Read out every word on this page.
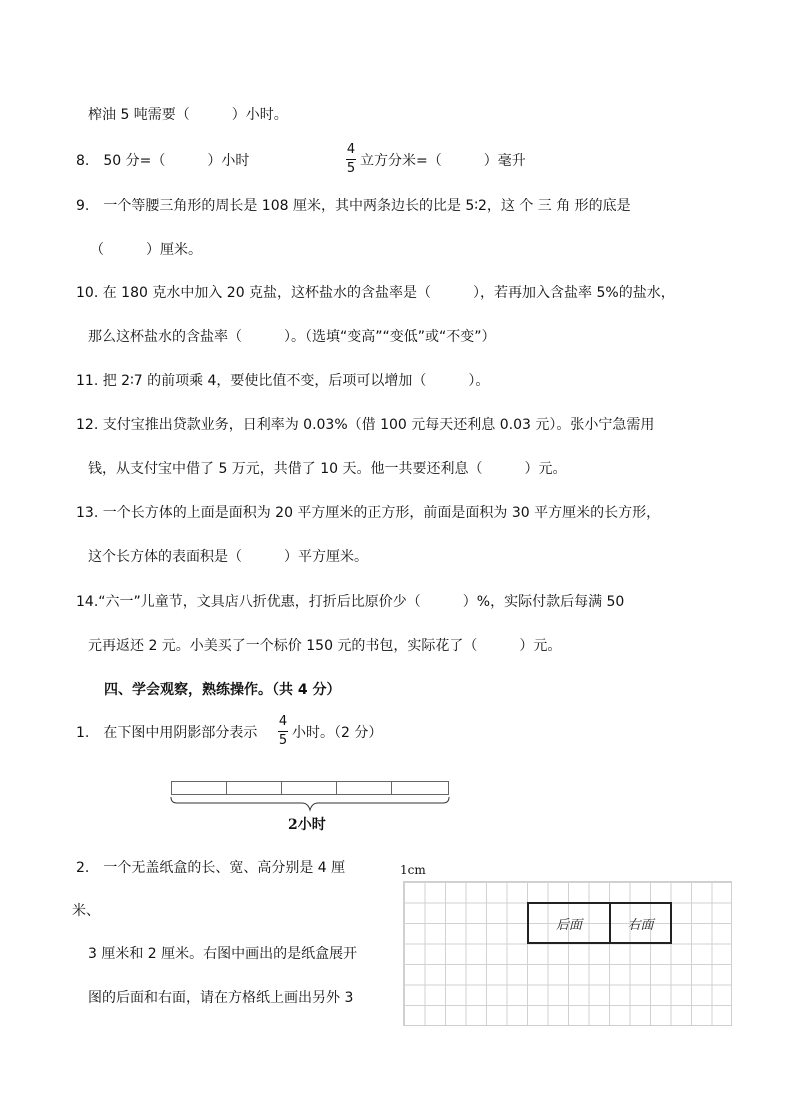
榨油 5 吨需要（　　　）小时。
8.　50 分=（　　　）小时
4
5 立方分米=（　　　）毫升
9.　一个等腰三角形的周长是 108 厘米，其中两条边长的比是 5∶2，这 个 三 角 形的底是
（　　　）厘米。
10. 在 180 克水中加入 20 克盐，这杯盐水的含盐率是（　　　），若再加入含盐率 5%的盐水，
那么这杯盐水的含盐率（　　　）。（选填“变高”“变低”或“不变”）
11. 把 2∶7 的前项乘 4，要使比值不变，后项可以增加（　　　）。
12. 支付宝推出贷款业务，日利率为 0.03%（借 100 元每天还利息 0.03 元）。张小宁急需用
钱，从支付宝中借了 5 万元，共借了 10 天。他一共要还利息（　　　）元。
13. 一个长方体的上面是面积为 20 平方厘米的正方形，前面是面积为 30 平方厘米的长方形，
这个长方体的表面积是（　　　）平方厘米。
14.“六一”儿童节，文具店八折优惠，打折后比原价少（　　　）%，实际付款后每满 50
元再返还 2 元。小美买了一个标价 150 元的书包，实际花了（　　　）元。
四、学会观察，熟练操作。（共 4 分）
1.　在下图中用阴影部分表示
4
5 小时。（2 分）
2小时
2.　一个无盖纸盒的长、宽、高分别是 4 厘
米、
3 厘米和 2 厘米。右图中画出的是纸盒展开
图的后面和右面，请在方格纸上画出另外 3
1cm
后面	右面
